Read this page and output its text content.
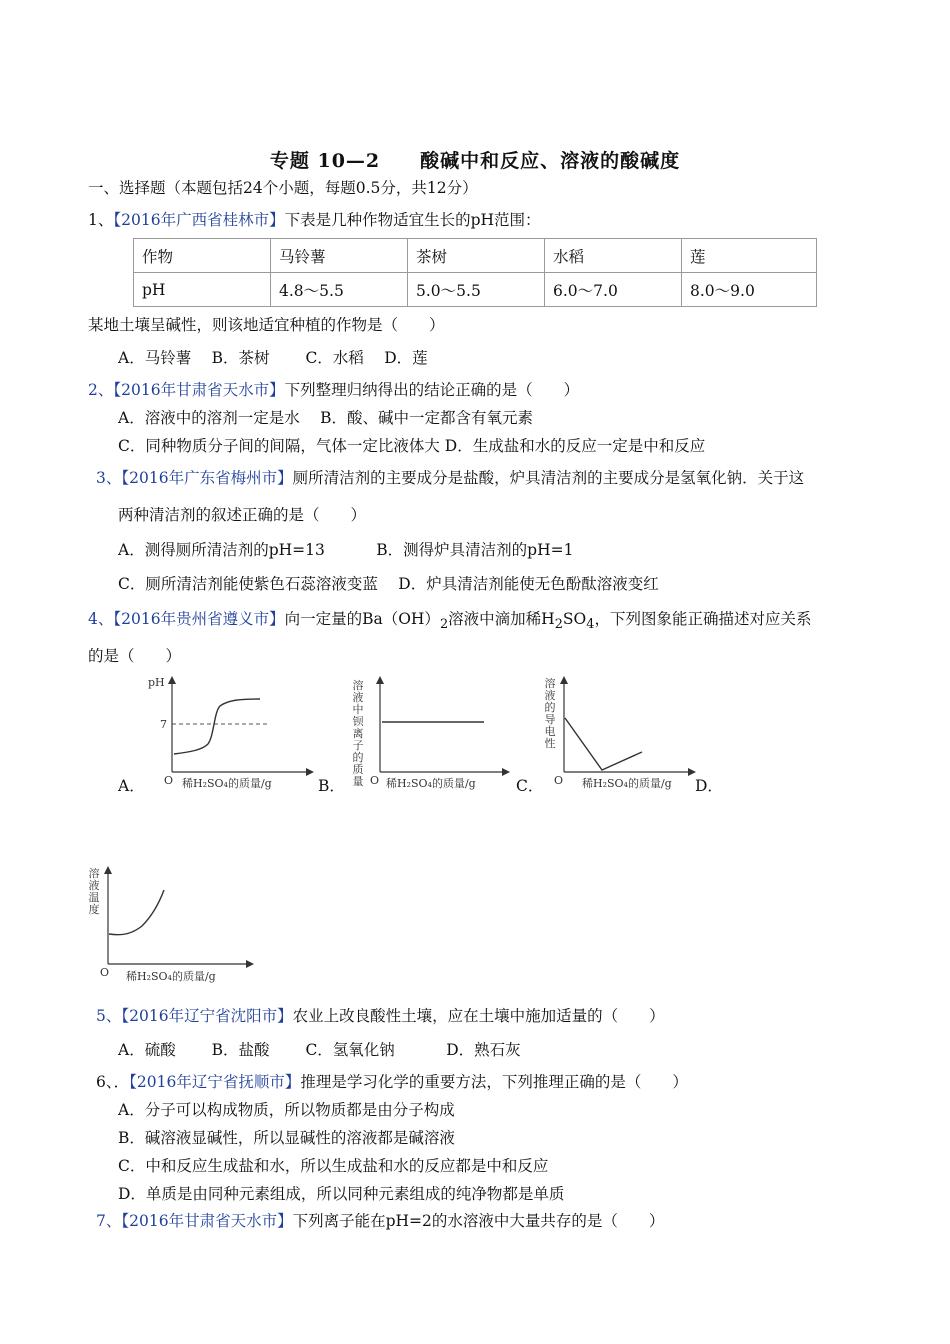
专题 10—2　　酸碱中和反应、溶液的酸碱度
一、选择题（本题包括24个小题，每题0.5分，共12分）
1、【2016年广西省桂林市】下表是几种作物适宜生长的pH范围：
作物	马铃薯	茶树	水稻	莲
pH	4.8～5.5	5.0～5.5	6.0～7.0	8.0～9.0
某地土壤呈碱性，则该地适宜种植的作物是（　　）
A．马铃薯　 B．茶树　　 C．水稻　 D．莲
2、【2016年甘肃省天水市】下列整理归纳得出的结论正确的是（　　）
A．溶液中的溶剂一定是水　 B．酸、碱中一定都含有氧元素
C．同种物质分子间的间隔，气体一定比液体大 D．生成盐和水的反应一定是中和反应
3、【2016年广东省梅州市】厕所清洁剂的主要成分是盐酸，炉具清洁剂的主要成分是氢氧化钠．关于这
两种清洁剂的叙述正确的是（　　）
A．测得厕所清洁剂的pH=13　　　 B．测得炉具清洁剂的pH=1
C．厕所清洁剂能使紫色石蕊溶液变蓝　 D．炉具清洁剂能使无色酚酞溶液变红
4、【2016年贵州省遵义市】向一定量的$Ba(OH)_2$溶液中滴加稀$H_2SO_4$，下列图象能正确描述对应关系
的是（　　）
pH
7
O 稀H₂SO₄的质量/g
A．	O 稀H₂SO₄的质量/g
溶液中钡离子的质量
B．	O 稀H₂SO₄的质量/g
溶液的导电性
C．	D．
O 稀H₂SO₄的质量/g
溶液温度
5、【2016年辽宁省沈阳市】农业上改良酸性土壤，应在土壤中施加适量的（　　）
A．硫酸　　 B．盐酸　　 C．氢氧化钠　　　 D．熟石灰
6、．【2016年辽宁省抚顺市】推理是学习化学的重要方法，下列推理正确的是（　　）
A．分子可以构成物质，所以物质都是由分子构成
B．碱溶液显碱性，所以显碱性的溶液都是碱溶液
C．中和反应生成盐和水，所以生成盐和水的反应都是中和反应
D．单质是由同种元素组成，所以同种元素组成的纯净物都是单质
7、【2016年甘肃省天水市】下列离子能在pH=2的水溶液中大量共存的是（　　）
